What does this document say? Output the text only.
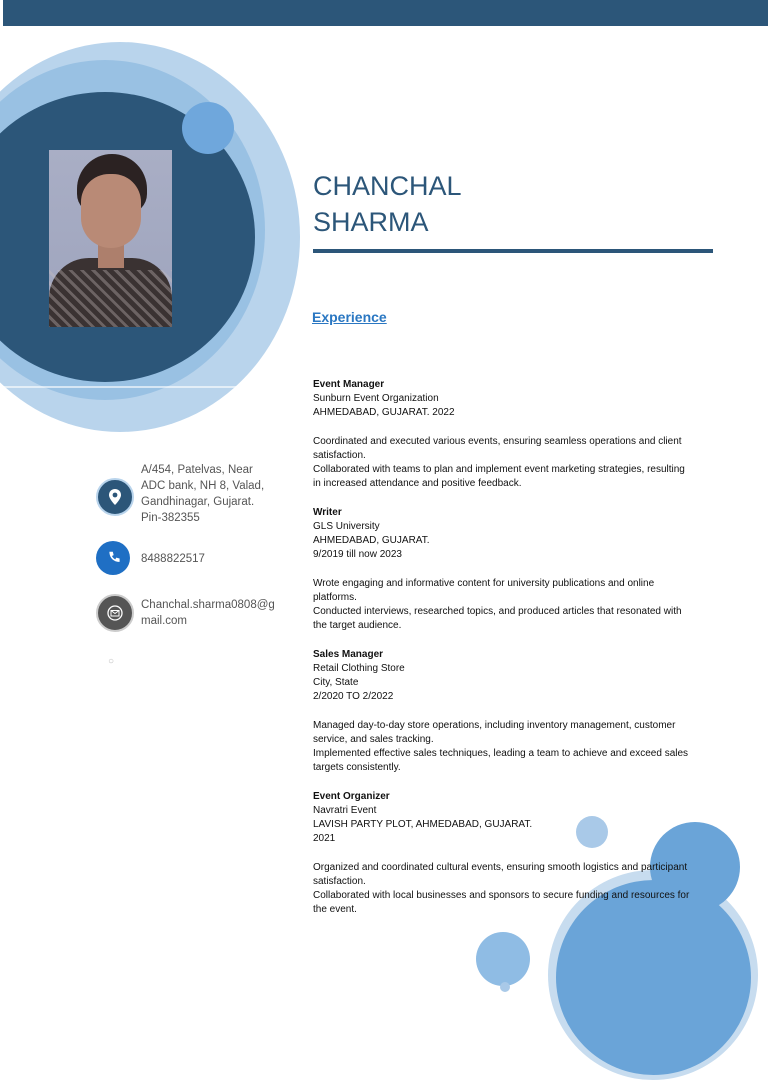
CHANCHAL
SHARMA
Experience
A/454, Patelvas, Near
ADC bank, NH 8, Valad,
Gandhinagar, Gujarat.
Pin-382355
8488822517
Chanchal.sharma0808@g
mail.com
○
Event Manager
Sunburn Event Organization
AHMEDABAD, GUJARAT. 2022
Coordinated and executed various events, ensuring seamless operations and client
satisfaction.
Collaborated with teams to plan and implement event marketing strategies, resulting
in increased attendance and positive feedback.
Writer
GLS University
AHMEDABAD, GUJARAT.
9/2019 till now 2023
Wrote engaging and informative content for university publications and online
platforms.
Conducted interviews, researched topics, and produced articles that resonated with
the target audience.
Sales Manager
Retail Clothing Store
City, State
2/2020 TO 2/2022
Managed day-to-day store operations, including inventory management, customer
service, and sales tracking.
Implemented effective sales techniques, leading a team to achieve and exceed sales
targets consistently.
Event Organizer
Navratri Event
LAVISH PARTY PLOT, AHMEDABAD, GUJARAT.
2021
Organized and coordinated cultural events, ensuring smooth logistics and participant
satisfaction.
Collaborated with local businesses and sponsors to secure funding and resources for
the event.
